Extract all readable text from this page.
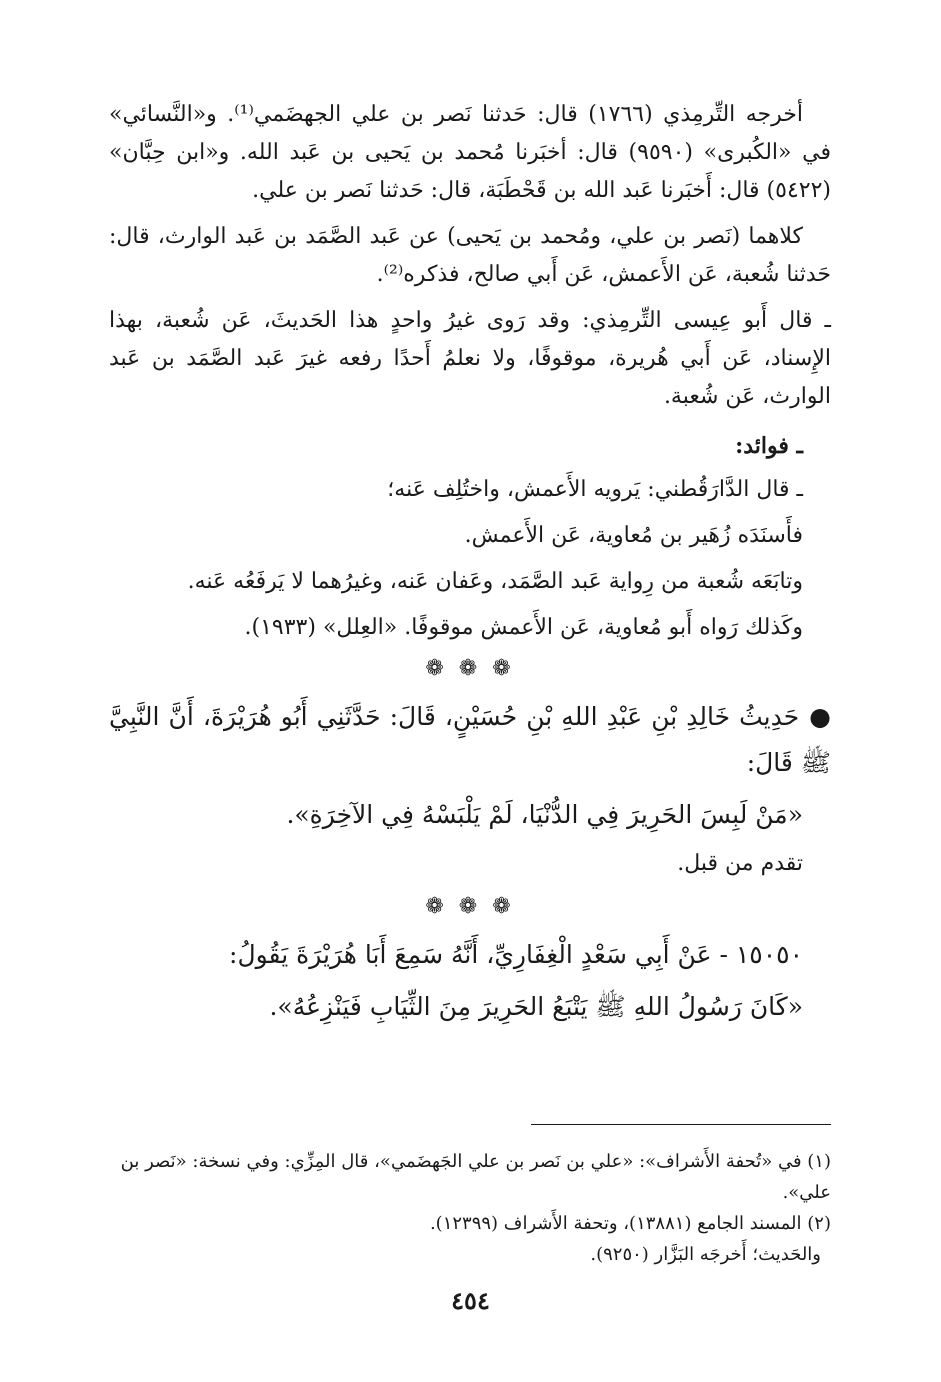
أخرجه التِّرمِذي (١٧٦٦) قال: حَدثنا نَصر بن علي الجهضَمي⁽¹⁾. و«النَّسائي» في «الكُبرى» (٩٥٩٠) قال: أخبَرنا مُحمد بن يَحيى بن عَبد الله. و«ابن حِبَّان» (٥٤٢٢) قال: أَخبَرنا عَبد الله بن قَحْطَبَة، قال: حَدثنا نَصر بن علي.

كلاهما (نَصر بن علي، ومُحمد بن يَحيى) عن عَبد الصَّمَد بن عَبد الوارث، قال: حَدثنا شُعبة، عَن الأَعمش، عَن أَبي صالح، فذكره⁽²⁾.

ـ قال أَبو عِيسى التِّرمِذي: وقد رَوى غيرُ واحدٍ هذا الحَديثَ، عَن شُعبة، بهذا الإِسناد، عَن أَبي هُريرة، موقوفًا، ولا نعلمُ أَحدًا رفعه غيرَ عَبد الصَّمَد بن عَبد الوارث، عَن شُعبة.

ـ فوائد:
ـ قال الدَّارَقُطني: يَرويه الأَعمش، واختُلِف عَنه؛
فأَسنَدَه زُهَير بن مُعاوية، عَن الأَعمش.
وتابَعَه شُعبة من رِواية عَبد الصَّمَد، وعَفان عَنه، وغيرُهما لا يَرفَعُه عَنه.
وكَذلك رَواه أَبو مُعاوية، عَن الأَعمش موقوفًا. «العِلل» (١٩٣٣).
❁ ❁ ❁
●حَدِيثُ خَالِدِ بْنِ عَبْدِ اللهِ بْنِ حُسَيْنٍ، قَالَ: حَدَّثَنِي أَبُو هُرَيْرَةَ، أَنَّ النَّبِيَّ ﷺ قَالَ:
«مَنْ لَبِسَ الحَرِيرَ فِي الدُّنْيَا، لَمْ يَلْبَسْهُ فِي الآخِرَةِ».
تقدم من قبل.
❁ ❁ ❁
١٥٠٥٠ - عَنْ أَبِي سَعْدٍ الْغِفَارِيِّ، أَنَّهُ سَمِعَ أَبَا هُرَيْرَةَ يَقُولُ:
«كَانَ رَسُولُ اللهِ ﷺ يَتْبَعُ الحَرِيرَ مِنَ الثِّيَابِ فَيَنْزِعُهُ».

(١) في «تُحفة الأَشراف»: «علي بن نَصر بن علي الجَهضَمي»، قال المِزِّي: وفي نسخة: «نَصر بن علي».

(٢) المسند الجامع (١٣٨٨١)، وتحفة الأَشراف (١٢٣٩٩).

والحَديث؛ أَخرجَه البَزَّار (٩٢٥٠).

٤٥٤
